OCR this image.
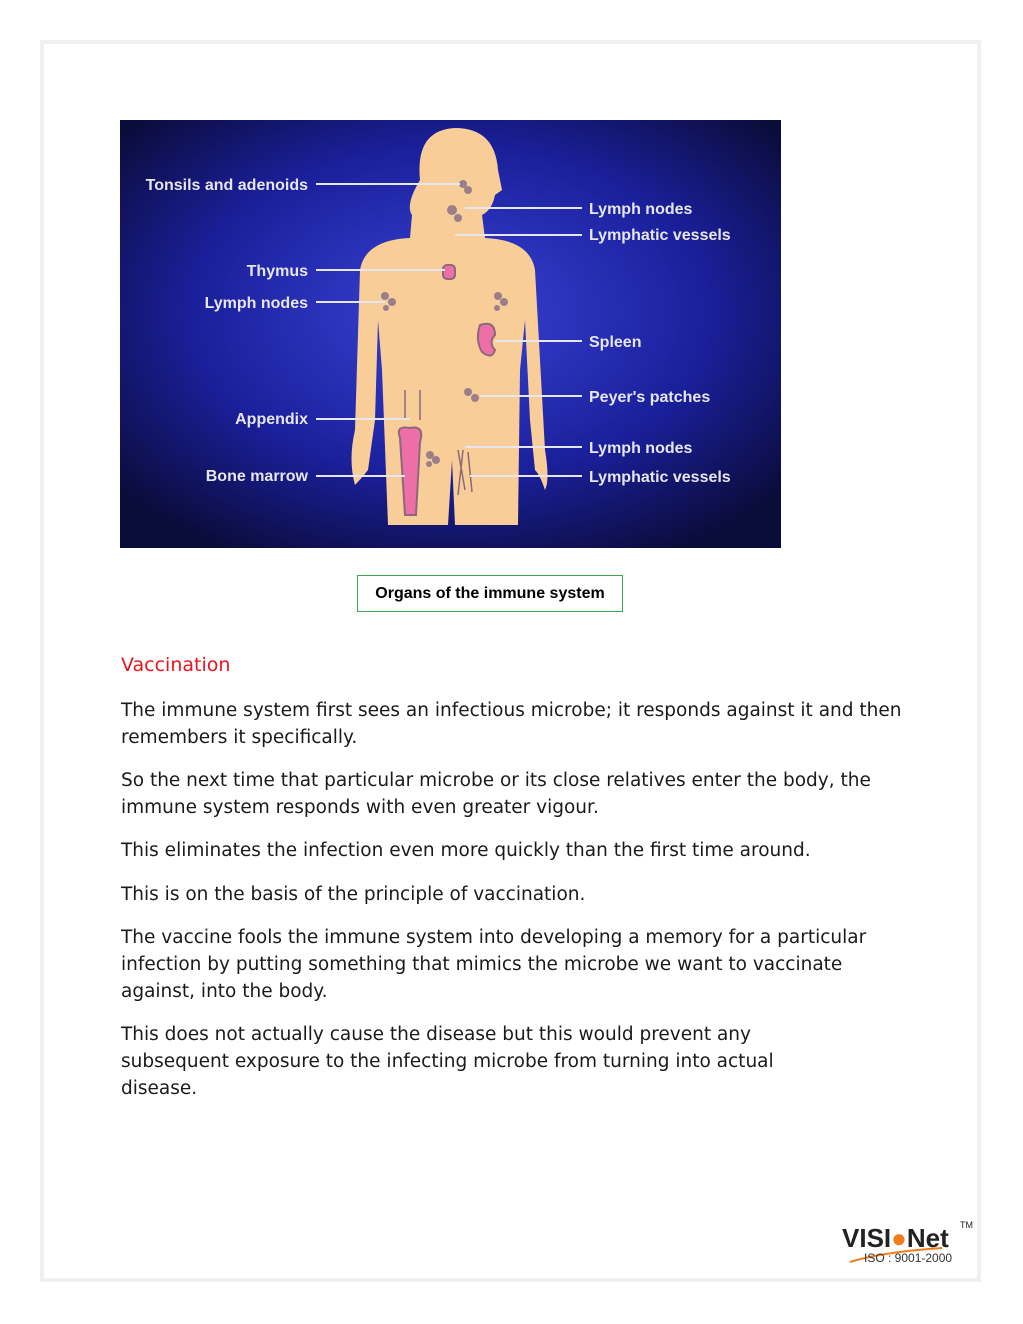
Tonsils and adenoids
Thymus
Lymph nodes
Appendix
Bone marrow
Lymph nodes
Lymphatic vessels
Spleen
Peyer's patches
Lymph nodes
Lymphatic vessels
Organs of the immune system
Vaccination
The immune system first sees an infectious microbe; it responds against it and then remembers it specifically.
So the next time that particular microbe or its close relatives enter the body, the immune system responds with even greater vigour.
This eliminates the infection even more quickly than the first time around.
This is on the basis of the principle of vaccination.
The vaccine fools the immune system into developing a memory for a particular infection by putting something that mimics the microbe we want to vaccinate against, into the body.
This does not actually cause the disease but this would prevent any subsequent exposure to the infecting microbe from turning into actual disease.
VISI●Net TM
ISO : 9001-2000
